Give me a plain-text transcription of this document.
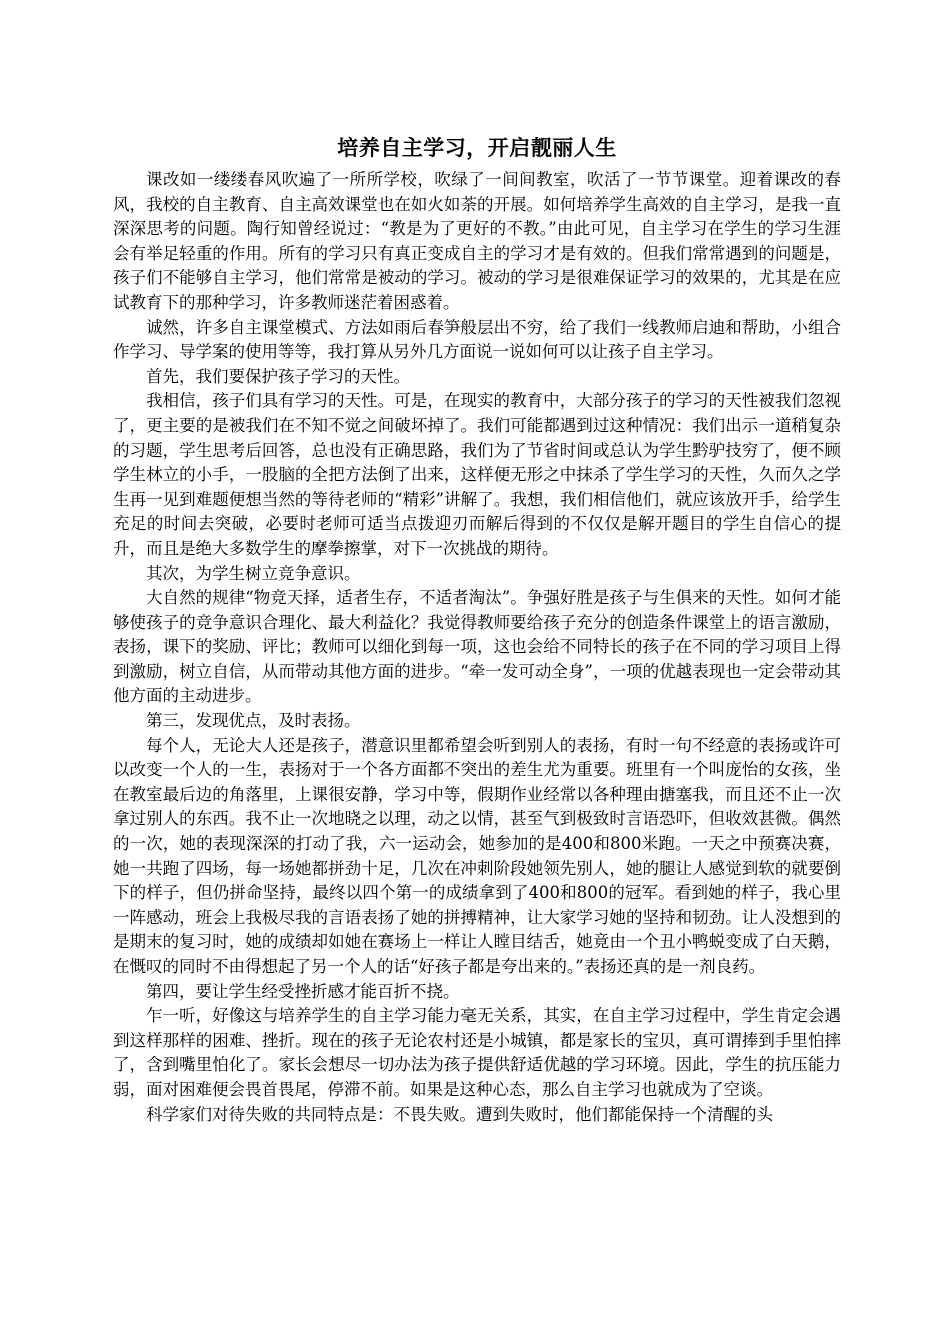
培养自主学习，开启靓丽人生

课改如一缕缕春风吹遍了一所所学校，吹绿了一间间教室，吹活了一节节课堂。迎着课改的春风，我校的自主教育、自主高效课堂也在如火如荼的开展。如何培养学生高效的自主学习，是我一直深深思考的问题。陶行知曾经说过：“教是为了更好的不教。”由此可见，自主学习在学生的学习生涯会有举足轻重的作用。所有的学习只有真正变成自主的学习才是有效的。但我们常常遇到的问题是，孩子们不能够自主学习，他们常常是被动的学习。被动的学习是很难保证学习的效果的，尤其是在应试教育下的那种学习，许多教师迷茫着困惑着。

诚然，许多自主课堂模式、方法如雨后春笋般层出不穷，给了我们一线教师启迪和帮助，小组合作学习、导学案的使用等等，我打算从另外几方面说一说如何可以让孩子自主学习。

首先，我们要保护孩子学习的天性。

我相信，孩子们具有学习的天性。可是，在现实的教育中，大部分孩子的学习的天性被我们忽视了，更主要的是被我们在不知不觉之间破坏掉了。我们可能都遇到过这种情况：我们出示一道稍复杂的习题，学生思考后回答，总也没有正确思路，我们为了节省时间或总认为学生黔驴技穷了，便不顾学生林立的小手，一股脑的全把方法倒了出来，这样便无形之中抹杀了学生学习的天性，久而久之学生再一见到难题便想当然的等待老师的“精彩”讲解了。我想，我们相信他们，就应该放开手，给学生充足的时间去突破，必要时老师可适当点拨迎刃而解后得到的不仅仅是解开题目的学生自信心的提升，而且是绝大多数学生的摩拳擦掌，对下一次挑战的期待。

其次，为学生树立竞争意识。

大自然的规律“物竞天择，适者生存，不适者淘汰”。争强好胜是孩子与生俱来的天性。如何才能够使孩子的竞争意识合理化、最大利益化？我觉得教师要给孩子充分的创造条件课堂上的语言激励，表扬，课下的奖励、评比；教师可以细化到每一项，这也会给不同特长的孩子在不同的学习项目上得到激励，树立自信，从而带动其他方面的进步。“牵一发可动全身”，一项的优越表现也一定会带动其他方面的主动进步。

第三，发现优点，及时表扬。

每个人，无论大人还是孩子，潜意识里都希望会听到别人的表扬，有时一句不经意的表扬或许可以改变一个人的一生，表扬对于一个各方面都不突出的差生尤为重要。班里有一个叫庞怡的女孩，坐在教室最后边的角落里，上课很安静，学习中等，假期作业经常以各种理由搪塞我，而且还不止一次拿过别人的东西。我不止一次地晓之以理，动之以情，甚至气到极致时言语恐吓，但收效甚微。偶然的一次，她的表现深深的打动了我，六一运动会，她参加的是400和800米跑。一天之中预赛决赛，她一共跑了四场，每一场她都拼劲十足，几次在冲刺阶段她领先别人，她的腿让人感觉到软的就要倒下的样子，但仍拼命坚持，最终以四个第一的成绩拿到了400和800的冠军。看到她的样子，我心里一阵感动，班会上我极尽我的言语表扬了她的拼搏精神，让大家学习她的坚持和韧劲。让人没想到的是期末的复习时，她的成绩却如她在赛场上一样让人瞠目结舌，她竟由一个丑小鸭蜕变成了白天鹅，在慨叹的同时不由得想起了另一个人的话“好孩子都是夸出来的。”表扬还真的是一剂良药。

第四，要让学生经受挫折感才能百折不挠。

乍一听，好像这与培养学生的自主学习能力毫无关系，其实，在自主学习过程中，学生肯定会遇到这样那样的困难、挫折。现在的孩子无论农村还是小城镇，都是家长的宝贝，真可谓捧到手里怕摔了，含到嘴里怕化了。家长会想尽一切办法为孩子提供舒适优越的学习环境。因此，学生的抗压能力弱，面对困难便会畏首畏尾，停滞不前。如果是这种心态，那么自主学习也就成为了空谈。

科学家们对待失败的共同特点是：不畏失败。遭到失败时，他们都能保持一个清醒的头
